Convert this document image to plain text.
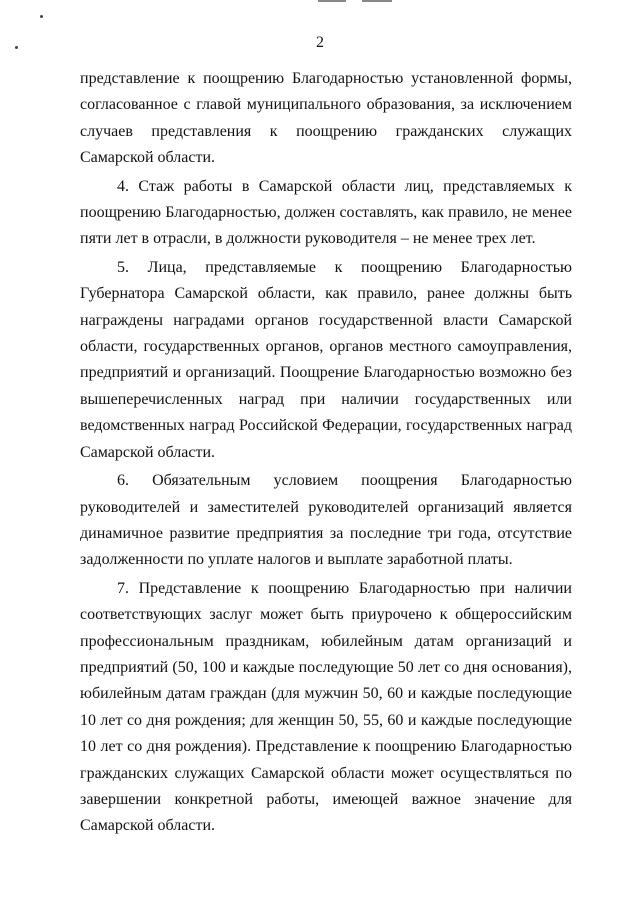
2

представление к поощрению Благодарностью установленной формы, согласованное с главой муниципального образования, за исключением случаев представления к поощрению гражданских служащих Самарской области.

4. Стаж работы в Самарской области лиц, представляемых к поощрению Благодарностью, должен составлять, как правило, не менее пяти лет в отрасли, в должности руководителя – не менее трех лет.

5. Лица, представляемые к поощрению Благодарностью Губернатора Самарской области, как правило, ранее должны быть награждены наградами органов государственной власти Самарской области, государственных органов, органов местного самоуправления, предприятий и организаций. Поощрение Благодарностью возможно без вышеперечисленных наград при наличии государственных или ведомственных наград Российской Федерации, государственных наград Самарской области.

6. Обязательным условием поощрения Благодарностью руководителей и заместителей руководителей организаций является динамичное развитие предприятия за последние три года, отсутствие задолженности по уплате налогов и выплате заработной платы.

7. Представление к поощрению Благодарностью при наличии соответствующих заслуг может быть приурочено к общероссийским профессиональным праздникам, юбилейным датам организаций и предприятий (50, 100 и каждые последующие 50 лет со дня основания), юбилейным датам граждан (для мужчин 50, 60 и каждые последующие 10 лет со дня рождения; для женщин 50, 55, 60 и каждые последующие 10 лет со дня рождения). Представление к поощрению Благодарностью гражданских служащих Самарской области может осуществляться по завершении конкретной работы, имеющей важное значение для Самарской области.
